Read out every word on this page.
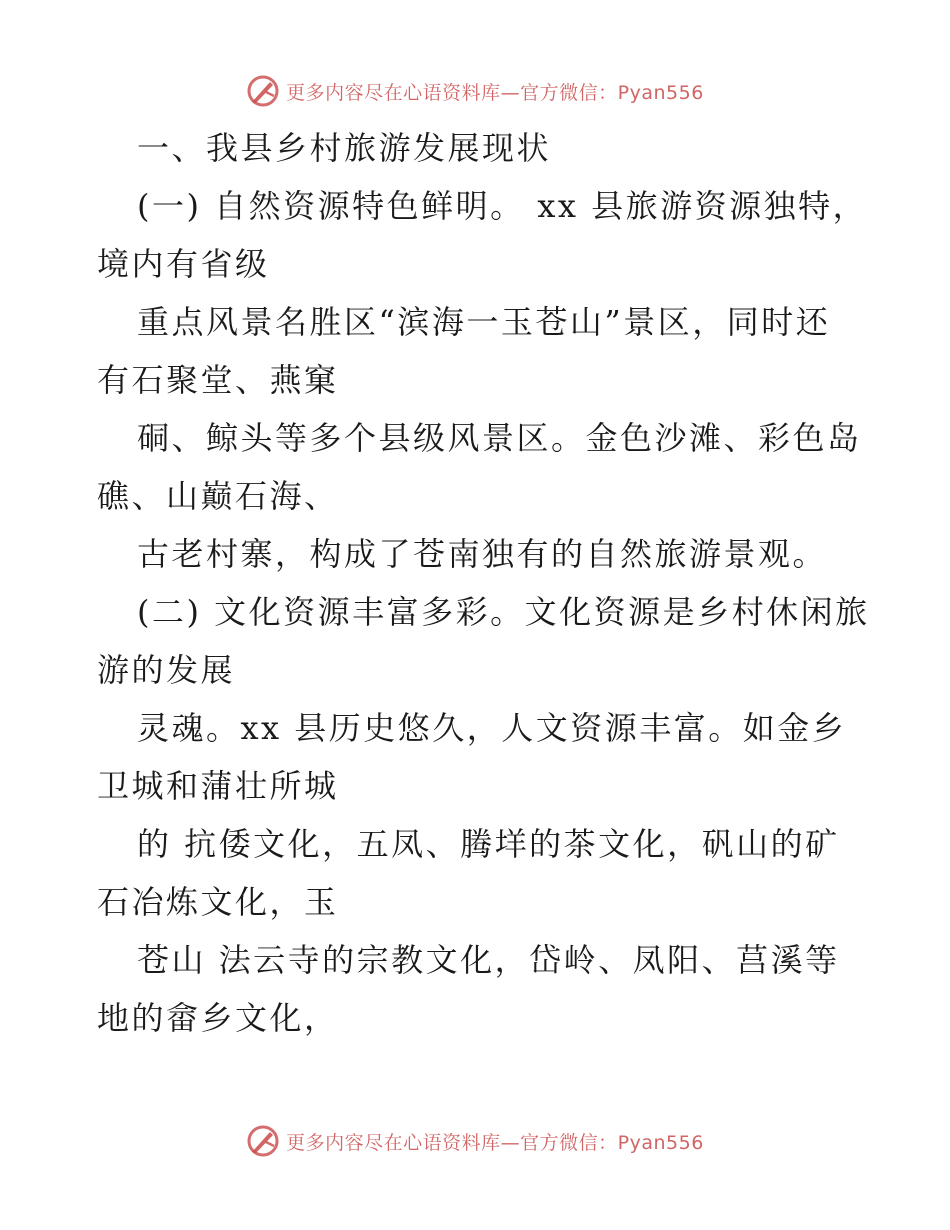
更多内容尽在心语资料库—官方微信：Pyan556
一、我县乡村旅游发展现状
(一) 自然资源特色鲜明。 xx 县旅游资源独特，
境内有省级
重点风景名胜区“滨海一玉苍山”景区，同时还
有石聚堂、燕窠
硐、鲸头等多个县级风景区。金色沙滩、彩色岛
礁、山巅石海、
古老村寨，构成了苍南独有的自然旅游景观。
(二) 文化资源丰富多彩。文化资源是乡村休闲旅
游的发展
灵魂。xx 县历史悠久，人文资源丰富。如金乡
卫城和蒲壮所城
的 抗倭文化，五凤、腾垟的茶文化，矾山的矿
石冶炼文化，玉
苍山 法云寺的宗教文化，岱岭、凤阳、莒溪等
地的畲乡文化，
更多内容尽在心语资料库—官方微信：Pyan556
